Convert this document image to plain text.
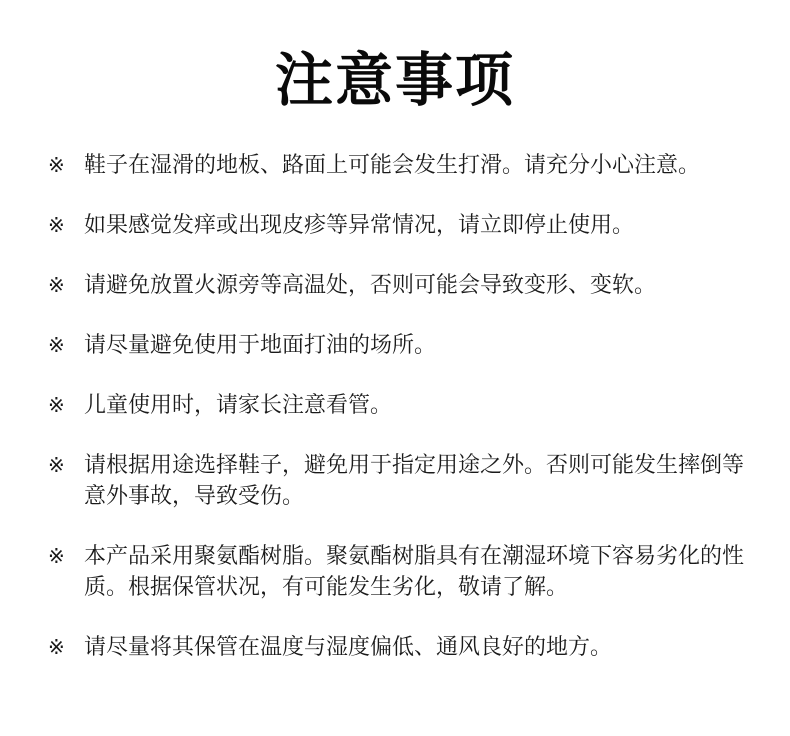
注意事项
※ 鞋子在湿滑的地板、路面上可能会发生打滑。请充分小心注意。
※ 如果感觉发痒或出现皮疹等异常情况，请立即停止使用。
※ 请避免放置火源旁等高温处，否则可能会导致变形、变软。
※ 请尽量避免使用于地面打油的场所。
※ 儿童使用时，请家长注意看管。
※ 请根据用途选择鞋子，避免用于指定用途之外。否则可能发生摔倒等意外事故，导致受伤。
※ 本产品采用聚氨酯树脂。聚氨酯树脂具有在潮湿环境下容易劣化的性质。根据保管状况，有可能发生劣化，敬请了解。
※ 请尽量将其保管在温度与湿度偏低、通风良好的地方。
